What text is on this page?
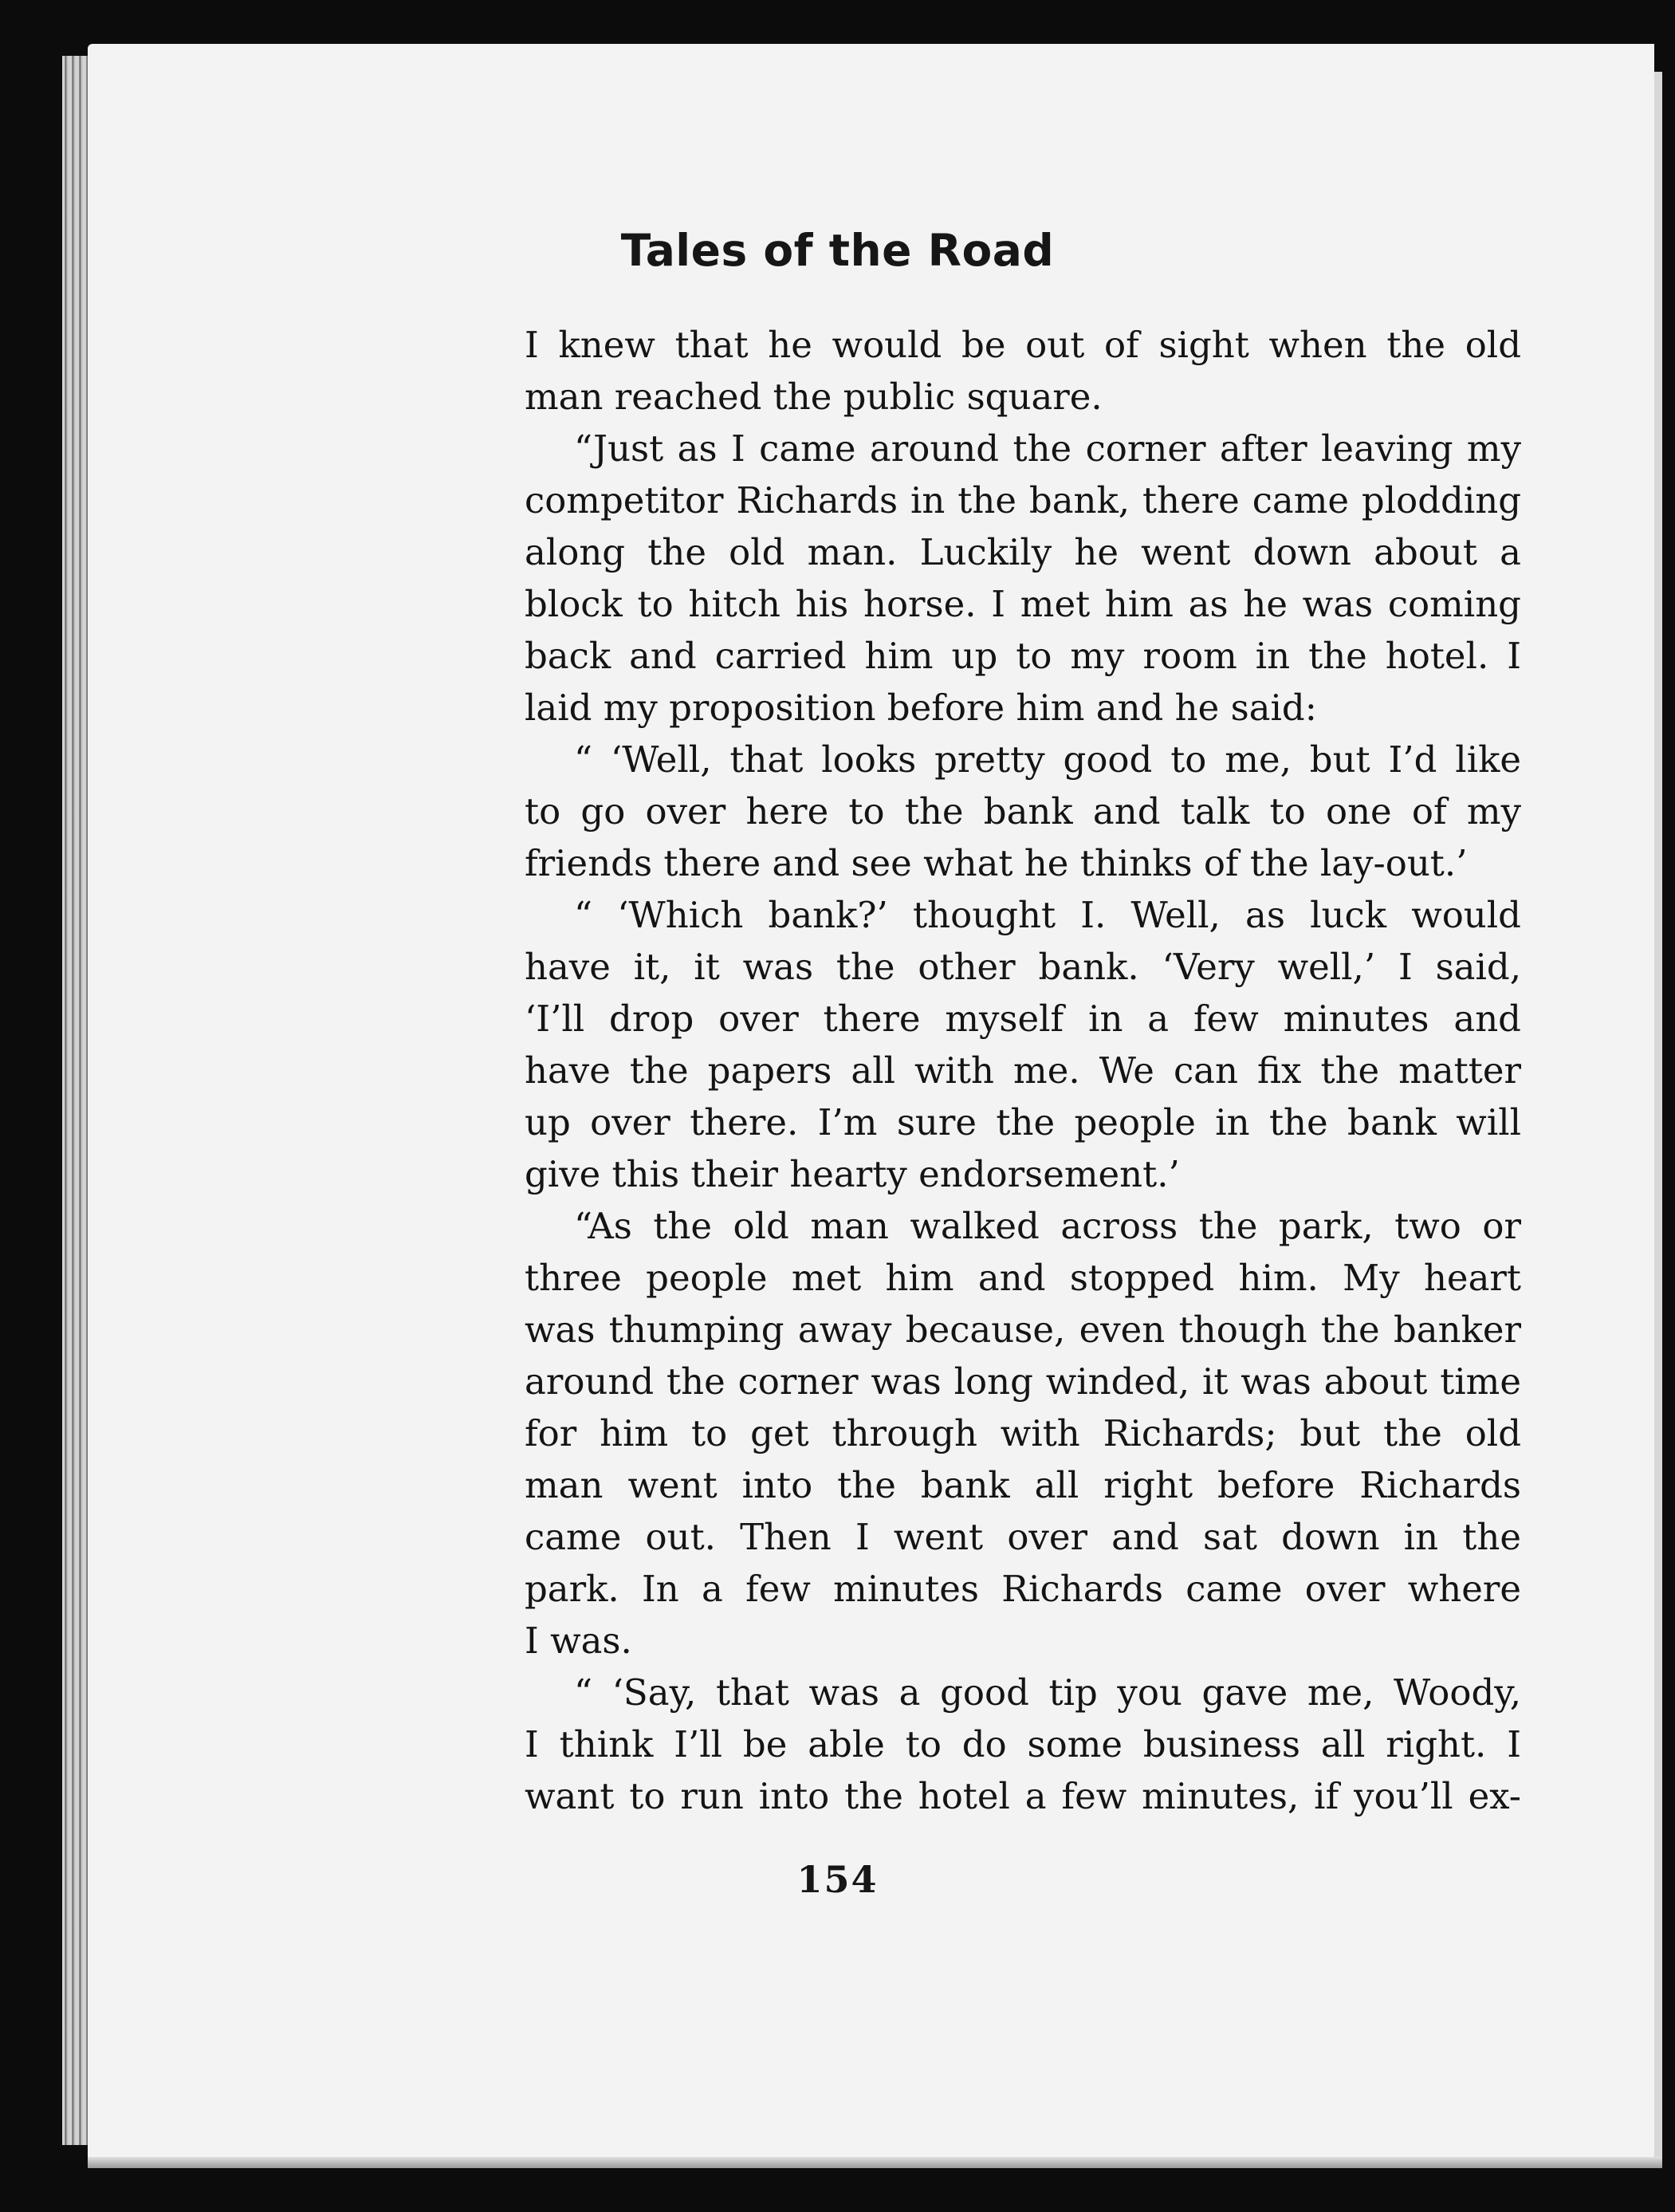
Tales of the Road
I knew that he would be out of sight when the old
man reached the public square.
“Just as I came around the corner after leaving my
competitor Richards in the bank, there came plodding
along the old man. Luckily he went down about a
block to hitch his horse. I met him as he was coming
back and carried him up to my room in the hotel. I
laid my proposition before him and he said:
“ ‘Well, that looks pretty good to me, but I’d like
to go over here to the bank and talk to one of my
friends there and see what he thinks of the lay-out.’
“ ‘Which bank?’ thought I. Well, as luck would
have it, it was the other bank. ‘Very well,’ I said,
‘I’ll drop over there myself in a few minutes and
have the papers all with me. We can fix the matter
up over there. I’m sure the people in the bank will
give this their hearty endorsement.’
“As the old man walked across the park, two or
three people met him and stopped him. My heart
was thumping away because, even though the banker
around the corner was long winded, it was about time
for him to get through with Richards; but the old
man went into the bank all right before Richards
came out. Then I went over and sat down in the
park. In a few minutes Richards came over where
I was.
“ ‘Say, that was a good tip you gave me, Woody,
I think I’ll be able to do some business all right. I
want to run into the hotel a few minutes, if you’ll ex-
154
